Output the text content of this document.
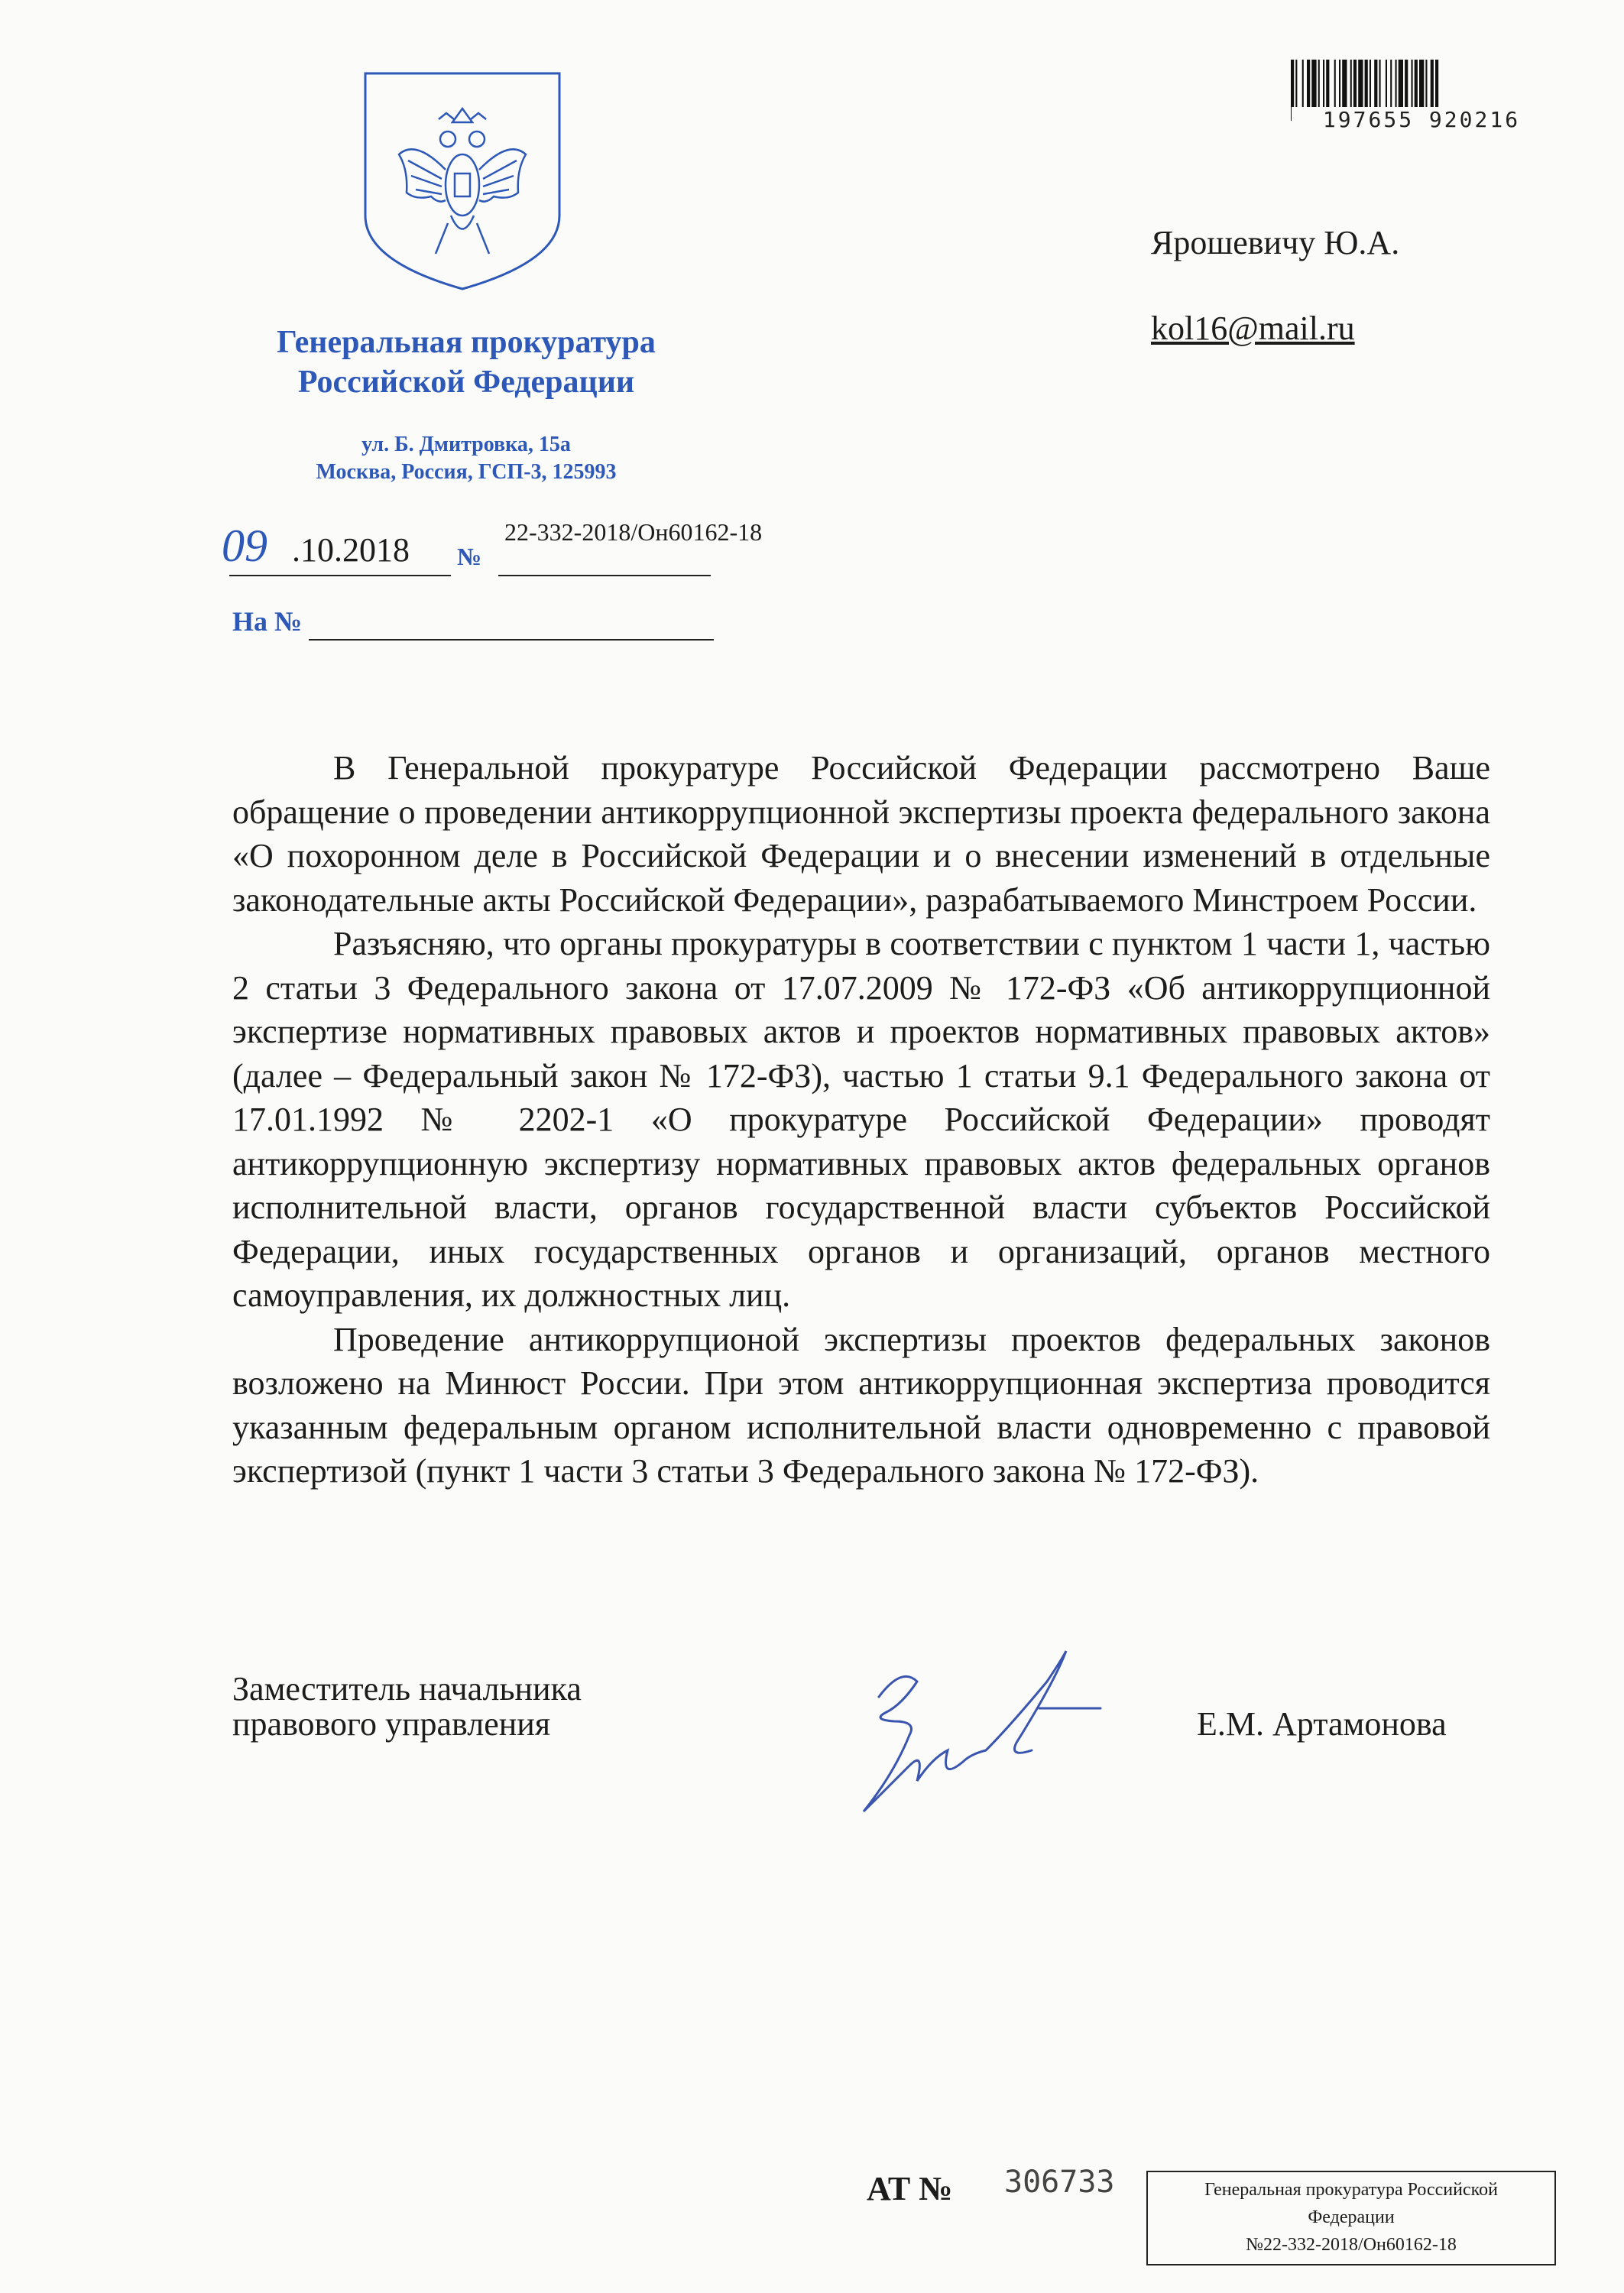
197655 920216
Генеральная прокуратура
Российской Федерации
ул. Б. Дмитровка, 15а
Москва, Россия, ГСП-3, 125993
09 .10.2018 №
22-332-2018/Он60162-18
На №
Ярошевичу Ю.А.
kol16@mail.ru

В Генеральной прокуратуре Российской Федерации рассмотрено Ваше обращение о проведении антикоррупционной экспертизы проекта федерального закона «О похоронном деле в Российской Федерации и о внесении изменений в отдельные законодательные акты Российской Федерации», разрабатываемого Минстроем России.

Разъясняю, что органы прокуратуры в соответствии с пунктом 1 части 1, частью 2 статьи 3 Федерального закона от 17.07.2009 № 172-ФЗ «Об антикоррупционной экспертизе нормативных правовых актов и проектов нормативных правовых актов» (далее – Федеральный закон № 172-ФЗ), частью 1 статьи 9.1 Федерального закона от 17.01.1992 № 2202-1 «О прокуратуре Российской Федерации» проводят антикоррупционную экспертизу нормативных правовых актов федеральных органов исполнительной власти, органов государственной власти субъектов Российской Федерации, иных государственных органов и организаций, органов местного самоуправления, их должностных лиц.

Проведение антикоррупционой экспертизы проектов федеральных законов возложено на Минюст России. При этом антикоррупционная экспертиза проводится указанным федеральным органом исполнительной власти одновременно с правовой экспертизой (пункт 1 части 3 статьи 3 Федерального закона № 172-ФЗ).

Заместитель начальника
правового управления	Е.М. Артамонова
АТ № 306733	Генеральная прокуратура Российской
Федерации
№22-332-2018/Он60162-18
